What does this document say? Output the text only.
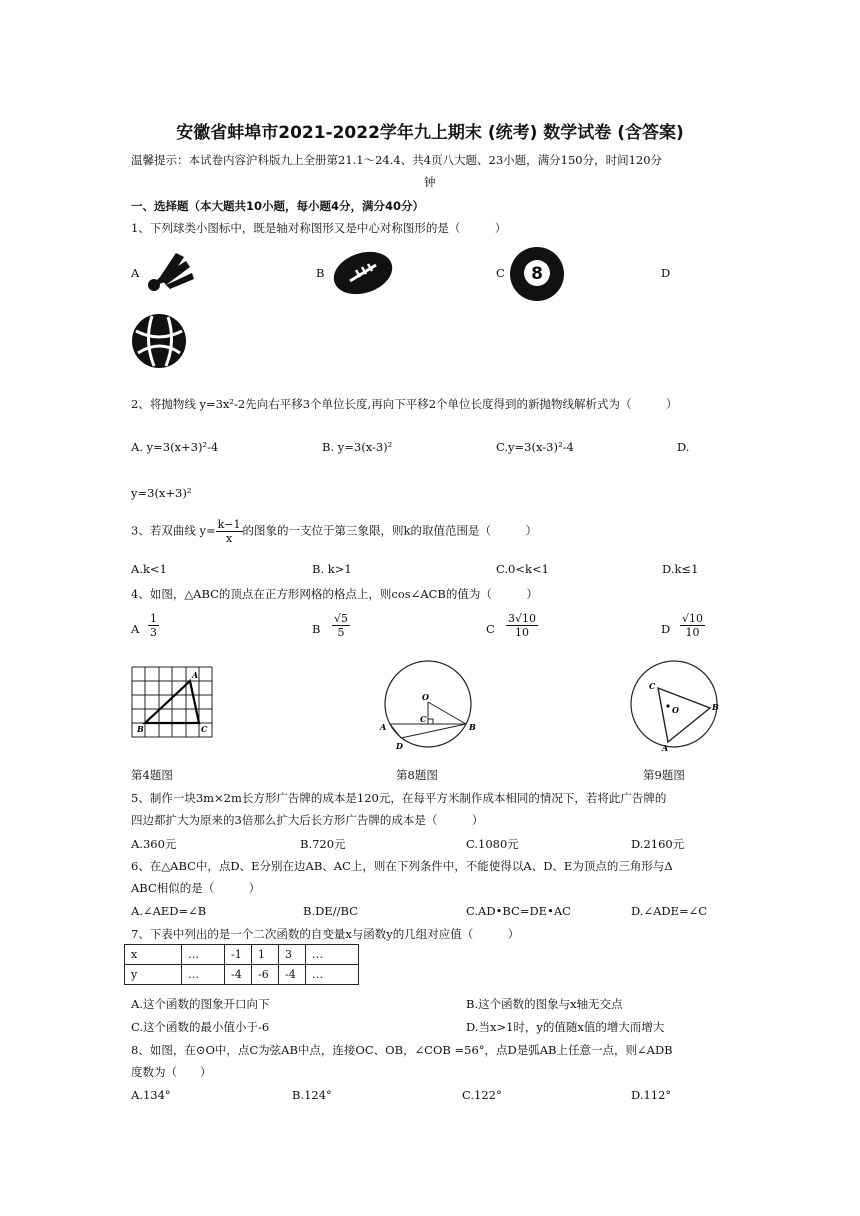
安徽省蚌埠市2021-2022学年九上期末 (统考) 数学试卷 (含答案)
温馨提示：本试卷内容沪科版九上全册第21.1～24.4、共4页八大题、23小题，满分150分，时间120分
钟
一、选择题（本大题共10小题，每小题4分，满分40分）
1、下列球类小图标中，既是轴对称图形又是中心对称图形的是（　　　）
A	B	C	D
8
2、将抛物线 y=3x²-2先向右平移3个单位长度,再向下平移2个单位长度得到的新抛物线解析式为（　　　）
A. y=3(x+3)²-4	B. y=3(x-3)²	C.y=3(x-3)²-4	D.
y=3(x+3)²
3、若双曲线 $y= \frac{k-1}{x}$ 的图象的一支位于第三象限，则k的取值范围是（　　　）
A.k<1	B. k>1	C.0<k<1	D.k≤1
4、如图，△ABC的顶点在正方形网格的格点上，则cos∠ACB的值为（　　　）
A $\frac{1}{3}$	B $\frac{√5}{5}$	C $\frac{3√10}{10}$	D $\frac{√10}{10}$
A
B	C
O
C
A	B
D
C
O	B
A
第4题图	第8题图	第9题图
5、制作一块3m×2m长方形广告牌的成本是120元，在每平方米制作成本相同的情况下，若将此广告牌的
四边都扩大为原来的3倍那么扩大后长方形广告牌的成本是（　　　）
A.360元	B.720元	C.1080元	D.2160元
6、在△ABC中，点D、E分别在边AB、AC上，则在下列条件中，不能使得以A、D、E为顶点的三角形与Δ
ABC相似的是（　　　）
A.∠AED=∠B	B.DE//BC	C.AD•BC=DE•AC	D.∠ADE=∠C
7、下表中列出的是一个二次函数的自变量x与函数y的几组对应值（　　　）
x	…	-1	1	3	…
y	…	-4	-6	-4	…
A.这个函数的图象开口向下	B.这个函数的图象与x轴无交点
C.这个函数的最小值小于-6	D.当x>1时，y的值随x值的增大而增大
8、如图，在⊙O中，点C为弦AB中点，连接OC、OB，∠COB =56°，点D是弧AB上任意一点，则∠ADB
度数为（　　）
A.134°	B.124°	C.122°	D.112°
